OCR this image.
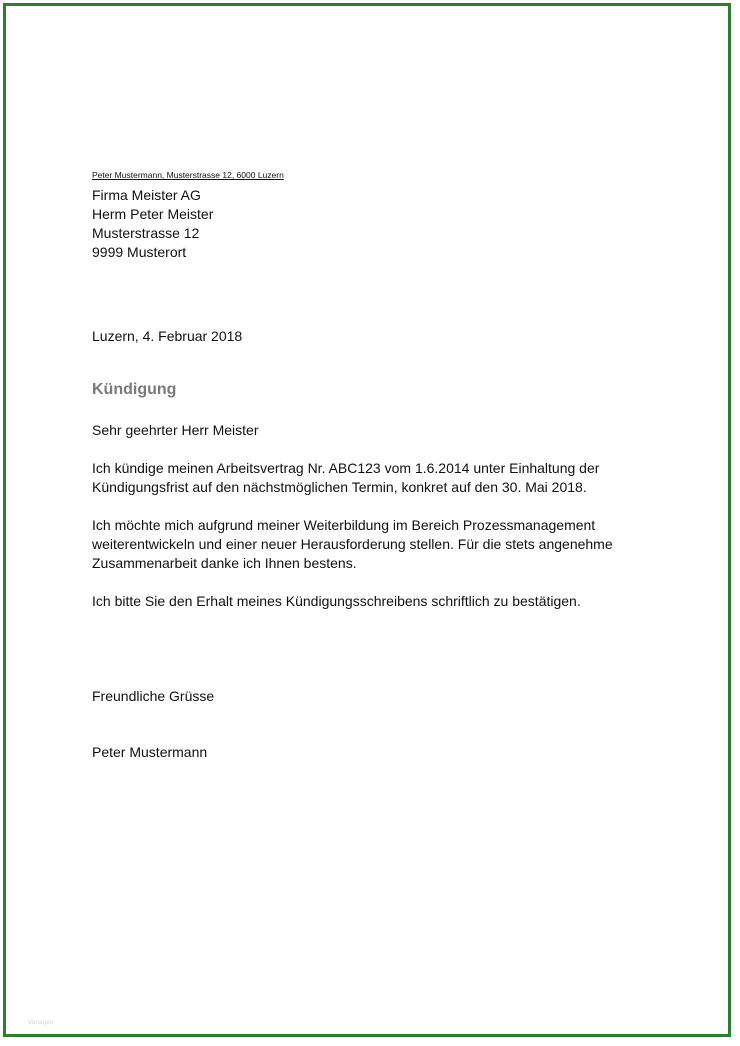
Peter Mustermann, Musterstrasse 12, 6000 Luzern
Firma Meister AG
Herm Peter Meister
Musterstrasse 12
9999 Musterort
Luzern, 4. Februar 2018
Kündigung
Sehr geehrter Herr Meister
Ich kündige meinen Arbeitsvertrag Nr. ABC123 vom 1.6.2014 unter Einhaltung der Kündigungsfrist auf den nächstmöglichen Termin, konkret auf den 30. Mai 2018.
Ich möchte mich aufgrund meiner Weiterbildung im Bereich Prozessmanagement weiterentwickeln und einer neuer Herausforderung stellen. Für die stets angenehme Zusammenarbeit danke ich Ihnen bestens.
Ich bitte Sie den Erhalt meines Kündigungsschreibens schriftlich zu bestätigen.
Freundliche Grüsse
Peter Mustermann
Vorlagen
